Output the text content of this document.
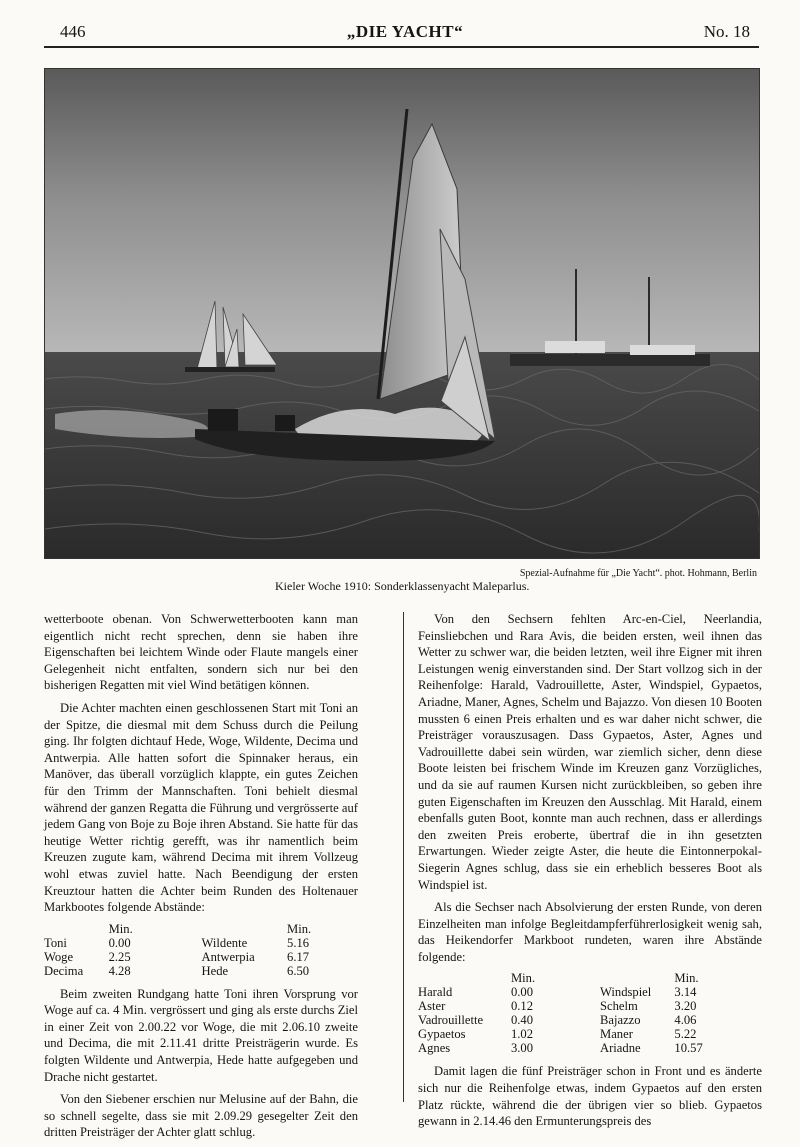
446	„DIE YACHT“	No. 18
Spezial-Aufnahme für „Die Yacht“. phot. Hohmann, Berlin
Kieler Woche 1910: Sonderklassenyacht Maleparlus.

wetterboote obenan. Von Schwerwetterbooten kann man eigentlich nicht recht sprechen, denn sie haben ihre Eigenschaften bei leichtem Winde oder Flaute mangels einer Gelegenheit nicht entfalten, sondern sich nur bei den bisherigen Regatten mit viel Wind betätigen können.

Die Achter machten einen geschlossenen Start mit Toni an der Spitze, die diesmal mit dem Schuss durch die Peilung ging. Ihr folgten dichtauf Hede, Woge, Wildente, Decima und Antwerpia. Alle hatten sofort die Spinnaker heraus, ein Manöver, das überall vorzüglich klappte, ein gutes Zeichen für den Trimm der Mannschaften. Toni behielt diesmal während der ganzen Regatta die Führung und vergrösserte auf jedem Gang von Boje zu Boje ihren Abstand. Sie hatte für das heutige Wetter richtig gerefft, was ihr namentlich beim Kreuzen zugute kam, während Decima mit ihrem Vollzeug wohl etwas zuviel hatte. Nach Beendigung der ersten Kreuztour hatten die Achter beim Runden des Holtenauer Markbootes folgende Abstände:

	Min.			Min.
Toni	0.00		Wildente	5.16
Woge	2.25		Antwerpia	6.17
Decima	4.28		Hede	6.50

Beim zweiten Rundgang hatte Toni ihren Vorsprung vor Woge auf ca. 4 Min. vergrössert und ging als erste durchs Ziel in einer Zeit von 2.00.22 vor Woge, die mit 2.06.10 zweite und Decima, die mit 2.11.41 dritte Preisträgerin wurde. Es folgten Wildente und Antwerpia, Hede hatte aufgegeben und Drache nicht gestartet.

Von den Siebener erschien nur Melusine auf der Bahn, die so schnell segelte, dass sie mit 2.09.29 gesegelter Zeit den dritten Preisträger der Achter glatt schlug.

Von den Sechsern fehlten Arc-en-Ciel, Neerlandia, Feinsliebchen und Rara Avis, die beiden ersten, weil ihnen das Wetter zu schwer war, die beiden letzten, weil ihre Eigner mit ihren Leistungen wenig einverstanden sind. Der Start vollzog sich in der Reihenfolge: Harald, Vadrouillette, Aster, Windspiel, Gypaetos, Ariadne, Maner, Agnes, Schelm und Bajazzo. Von diesen 10 Booten mussten 6 einen Preis erhalten und es war daher nicht schwer, die Preisträger vorauszusagen. Dass Gypaetos, Aster, Agnes und Vadrouillette dabei sein würden, war ziemlich sicher, denn diese Boote leisten bei frischem Winde im Kreuzen ganz Vorzügliches, und da sie auf raumen Kursen nicht zurückbleiben, so geben ihre guten Eigenschaften im Kreuzen den Ausschlag. Mit Harald, einem ebenfalls guten Boot, konnte man auch rechnen, dass er allerdings den zweiten Preis eroberte, übertraf die in ihn gesetzten Erwartungen. Wieder zeigte Aster, die heute die Eintonnerpokal-Siegerin Agnes schlug, dass sie ein erheblich besseres Boot als Windspiel ist.

Als die Sechser nach Absolvierung der ersten Runde, von deren Einzelheiten man infolge Begleitdampferführerlosigkeit wenig sah, das Heikendorfer Markboot rundeten, waren ihre Abstände folgende:

	Min.			Min.
Harald	0.00		Windspiel	3.14
Aster	0.12		Schelm	3.20
Vadrouillette	0.40		Bajazzo	4.06
Gypaetos	1.02		Maner	5.22
Agnes	3.00		Ariadne	10.57

Damit lagen die fünf Preisträger schon in Front und es änderte sich nur die Reihenfolge etwas, indem Gypaetos auf den ersten Platz rückte, während die der übrigen vier so blieb. Gypaetos gewann in 2.14.46 den Ermunterungspreis des
